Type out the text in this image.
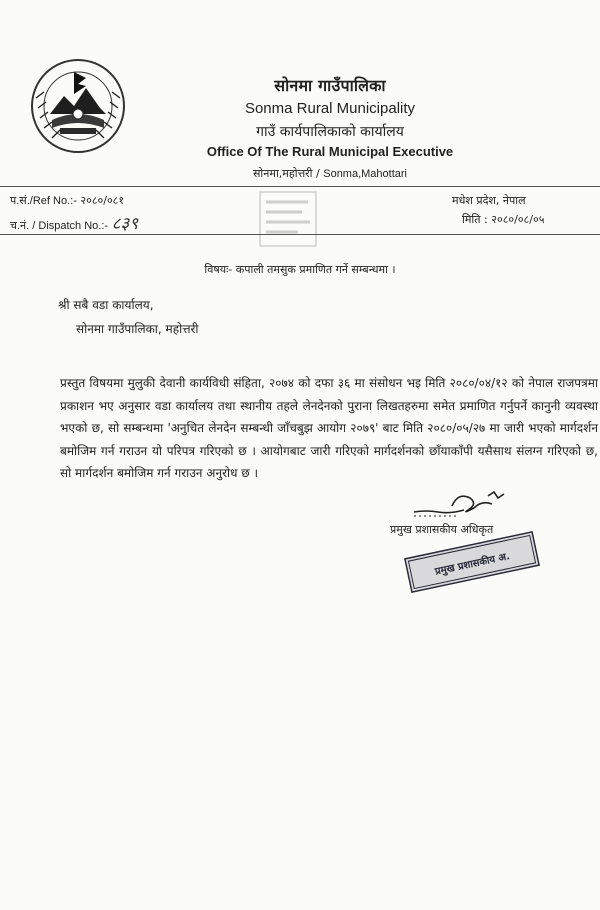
सोनमा गाउँपालिका
Sonma Rural Municipality
गाउँ कार्यपालिकाको कार्यालय
Office Of The Rural Municipal Executive
सोनमा,महोत्तरी / Sonma,Mahottari
प.सं./Ref No.:- २०८०/०८१
च.नं. / Dispatch No.:- ८३९
मधेश प्रदेश, नेपाल
मिति : २०८०/०८/०५
विषयः- कपाली तमसुक प्रमाणित गर्ने सम्बन्धमा ।
श्री सबै वडा कार्यालय,
सोनमा गाउँपालिका, महोत्तरी
प्रस्तुत विषयमा मुलुकी देवानी कार्यविधी संहिता, २०७४ को दफा ३६ मा संसोधन भइ मिति २०८०/०४/१२ को नेपाल राजपत्रमा प्रकाशन भए अनुसार वडा कार्यालय तथा स्थानीय तहले लेनदेनको पुराना लिखतहरुमा समेत प्रमाणित गर्नुपर्ने कानुनी व्यवस्था भएको छ, सो सम्बन्धमा 'अनुचित लेनदेन सम्बन्धी जाँचबुझ आयोग २०७९' बाट मिति २०८०/०५/२७ मा जारी भएको मार्गदर्शन बमोजिम गर्न गराउन यो परिपत्र गरिएको छ । आयोगबाट जारी गरिएको मार्गदर्शनको छाँयाकाँपी यसैसाथ संलग्न गरिएको छ, सो मार्गदर्शन बमोजिम गर्न गराउन अनुरोध छ ।
प्रमुख प्रशासकीय अधिकृत
प्रमुख प्रशासकीय अ.
